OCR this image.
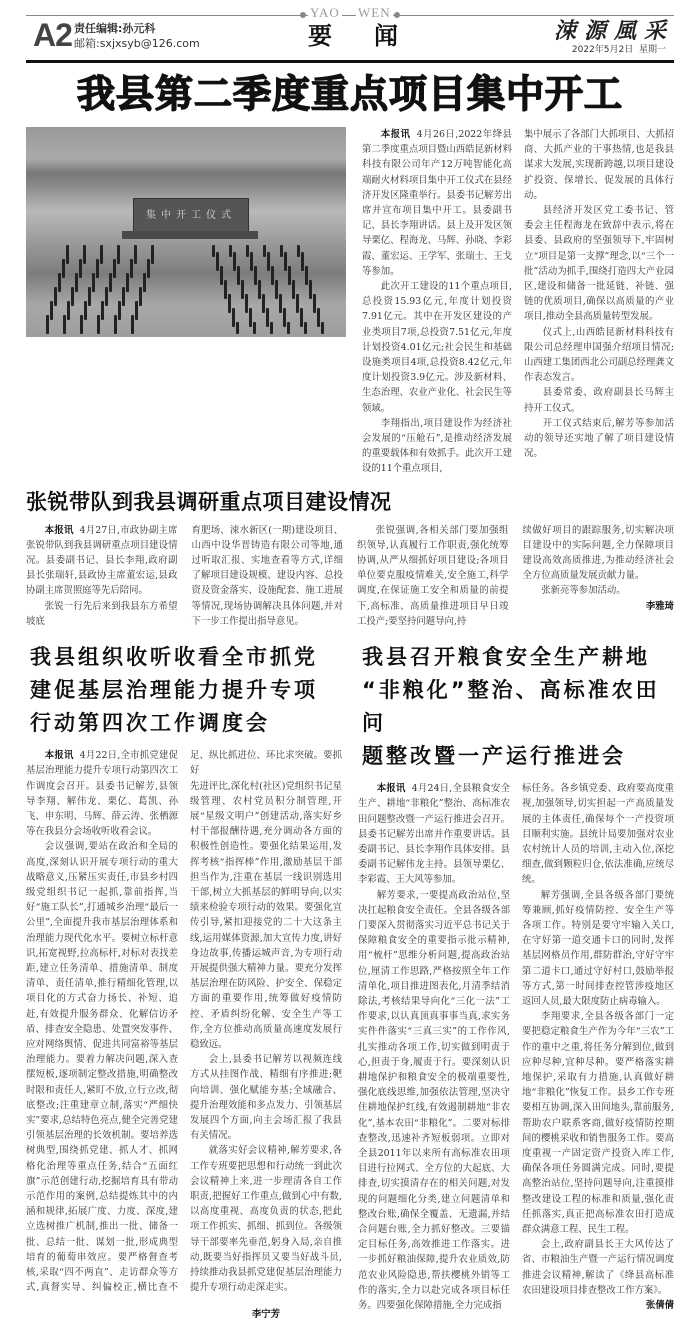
A2 责任编辑:孙元科
邮箱:sxjxsyb@126.com
YAO WEN
要 闻	涑源風采
2022年5月2日  星期一
我县第二季度重点项目集中开工
集中开工仪式

本报讯 4月26日,2022年绛县第二季度重点项目暨山西皓昆新材料科技有限公司年产12万吨智能化高端耐火材料项目集中开工仪式在县经济开发区隆重举行。县委书记解芳出席并宣布项目集中开工。县委副书记、县长李翔讲话。县上及开发区领导栗亿、程海龙、马辉、孙晓、李彩霞、董宏运、王学军、张瑞士、王戈等参加。

此次开工建设的11个重点项目,总投资15.93亿元,年度计划投资7.91亿元。其中在开发区建设的产业类项目7项,总投资7.51亿元,年度计划投资4.01亿元;社会民生和基础设施类项目4项,总投资8.42亿元,年度计划投资3.9亿元。涉及新材料、生态治理、农业产业化、社会民生等领域。

李翔指出,项目建设作为经济社会发展的“压舱石”,是推动经济发展的重要载体和有效抓手。此次开工建设的11个重点项目,

集中展示了各部门大抓项目、大抓招商、大抓产业的干事热情,也是我县谋求大发展,实现新跨越,以项目建设扩投资、保增长、促发展的具体行动。

县经济开发区党工委书记、管委会主任程海龙在致辞中表示,将在县委、县政府的坚强领导下,牢固树立“项目是第一支撑”理念,以“三个一批”活动为抓手,围绕打造四大产业园区,建设和储备一批延链、补链、强链的优质项目,确保以高质量的产业项目,推动全县高质量转型发展。

仪式上,山西皓昆新材料科技有限公司总经理申国强介绍项目情况;山西建工集团西北公司副总经理龚文作表态发言。

县委常委、政府副县长马辉主持开工仪式。

开工仪式结束后,解芳等参加活动的领导还实地了解了项目建设情况。

张锐带队到我县调研重点项目建设情况

本报讯 4月27日,市政协副主席张锐带队到我县调研重点项目建设情况。县委副书记、县长李翔,政府副县长张瑞轩,县政协主席董宏运,县政协副主席贺照庭等先后陪同。

张锐一行先后来到我县东方希望坡底

育肥场、涑水新区(一期)建设项目、山西中设华晋铸造有限公司等地,通过听取汇报、实地查看等方式,详细了解项目建设规模、建设内容、总投资及资金落实、设施配套、施工进展等情况,现场协调解决具体问题,并对下一步工作提出指导意见。

张锐强调,各相关部门要加强组织领导,认真履行工作职责,强化统筹协调,从严从细抓好项目建设;各项目单位要克服疫情难关,安全施工,科学调度,在保证施工安全和质量的前提下,高标准、高质量推进项目早日竣工投产;要坚持问题导向,持

续做好项目的跟踪服务,切实解决项目建设中的实际问题,全力保障项目建设高效高质推进,为推动经济社会全方位高质量发展贡献力量。

张新亮等参加活动。

李雅琦
我县组织收听收看全市抓党
建促基层治理能力提升专项
行动第四次工作调度会

本报讯 4月22日,全市抓党建促基层治理能力提升专项行动第四次工作调度会召开。县委书记解芳,县领导李翔、解伟龙、栗亿、葛凯、孙飞、申东明、马辉、薛云涛、张栖源等在我县分会场收听收看会议。

会议强调,要站在政治和全局的高度,深刻认识开展专项行动的重大战略意义,压紧压实责任,市县乡村四级党组织书记一起抓,靠前指挥,当好“施工队长”,打通城乡治理“最后一公里”,全面提升我市基层治理体系和治理能力现代化水平。要树立标杆意识,拓宽视野,拉高标杆,对标对表找差距,建立任务清单、措施清单、制度清单、责任清单,推行精细化管理,以项目化的方式奋力扬长、补短、追赶,有效提升服务群众、化解信访矛盾、排查安全隐患、处置突发事件、应对网络舆情、促进共同富裕等基层治理能力。要着力解决问题,深入查摆短板,逐项制定整改措施,明确整改时限和责任人,紧盯不放,立行立改,彻底整改;注重建章立制,落实“严细快实”要求,总结特色亮点,健全完善党建引领基层治理的长效机制。要培养选树典型,围绕抓党建、抓人才、抓网格化治理等重点任务,结合“五面红旗”示范创建行动,挖掘培育具有带动示范作用的案例,总结提炼其中的内涵和规律,拓展广度、力度、深度,建立选树推广机制,推出一批、储备一批、总结一批、谋划一批,形成典型培育的葡萄串效应。要严格督查考核,采取“四不两直”、走访群众等方式,真督实导、纠偏校正,横比查不足、纵比抓进位、环比求突破。要抓好

先进评比,深化村(社区)党组织书记星级管理、农村党员积分制管理,开展“星级文明户”创建活动,落实好乡村干部报酬待遇,充分调动各方面的积极性创造性。要强化结果运用,发挥考核“指挥棒”作用,激励基层干部担当作为,注重在基层一线识别选用干部,树立大抓基层的鲜明导向,以实绩来检验专项行动的效果。要强化宣传引导,紧扣迎接党的二十大这条主线,运用媒体资源,加大宣传力度,讲好身边故事,传播运城声音,为专项行动开展提供强大精神力量。要充分发挥基层治理在防风险、护安全、保稳定方面的重要作用,统筹做好疫情防控、矛盾纠纷化解、安全生产等工作,全方位推动高质量高速度发展行稳致远。

会上,县委书记解芳以视频连线方式从挂图作战、精细有序推进;靶向培训、强化赋能夯基;全域融合、提升治理效能和多点发力、引领基层发展四个方面,向主会场汇报了我县有关情况。

就落实好会议精神,解芳要求,各工作专班要把思想和行动统一到此次会议精神上来,进一步理清各自工作职责,把握好工作重点,做到心中有数,以高度重视、高度负责的状态,把此项工作抓实、抓细、抓到位。各级领导干部要率先垂范,躬身入局,亲自推动,既要当好指挥员又要当好战斗员,持续推动我县抓党建促基层治理能力提升专项行动走深走实。

李宁芳
我县召开粮食安全生产耕地
“非粮化”整治、高标准农田问
题整改暨一产运行推进会

本报讯 4月24日,全县粮食安全生产、耕地“非粮化”整治、高标准农田问题整改暨一产运行推进会召开。县委书记解芳出席并作重要讲话。县委副书记、县长李翔作具体安排。县委副书记解伟龙主持。县领导栗亿、李彩霞、王大风等参加。

解芳要求,一要提高政治站位,坚决扛起粮食安全责任。全县各级各部门要深入贯彻落实习近平总书记关于保障粮食安全的重要指示批示精神,用“梳杆”思维分析问题,提高政治站位,厘清工作思路,严格按照全年工作清单化,项目推进图表化,月清季结消除法,考核结果导向化“三化一法”工作要求,以认真顶真事事当真,求实务实件件落实“三真三实”的工作作风,扎实推动各项工作,切实做到明责于心,担责于身,履责于行。要深刻认识耕地保护和粮食安全的极端重要性,强化底线思维,加强依法管理,坚决守住耕地保护红线,有效遏制耕地“非农化”,基本农田“非粮化”。二要对标排查整改,迅速补齐短板弱项。立即对全县2011年以来所有高标准农田项目进行拉网式、全方位的大起底、大排查,切实摸清存在的相关问题,对发现的问题细化分类,建立问题清单和整改台账,确保全覆盖、无遗漏,并结合问题台账,全力抓好整改。三要锚定目标任务,高效推进工作落实。进一步抓好粮油保障,提升农业质效,防范农业风险隐患,帮扶樱桃外销等工作的落实,全力以赴完成各项目标任务。四要强化保障措施,全力完成指

标任务。各乡镇党委、政府要高度重视,加强领导,切实担起一产高质量发展的主体责任,确保每个一产投资项目顺利实施。县统计局要加强对农业农村统计人员的培训,主动入位,深挖细查,做到颗粒归仓,依法准确,应统尽统。

解芳强调,全县各级各部门要统筹兼顾,抓好疫情防控、安全生产等各项工作。特别是要守牢输入关口,在守好第一道交通卡口的同时,发挥基层网格员作用,群防群治,守好守牢第二道卡口,通过守好村口,鼓励举报等方式,第一时间排查控管涉疫地区返回人员,最大限度防止病毒输入。

李翔要求,全县各级各部门一定要把稳定粮食生产作为今年“三农”工作的重中之重,将任务分解到位,做到应种尽种,宜种尽种。要严格落实耕地保护,采取有力措施,认真做好耕地“非粮化”恢复工作。县乡工作专班要相互协调,深入田间地头,靠前服务,帮助农户联系客商,做好疫情防控期间的樱桃采收和销售服务工作。要高度重视一产固定资产投资入库工作,确保各项任务圆满完成。同时,要提高整治站位,坚持问题导向,注重摸排整改建设工程的标准和质量,强化责任抓落实,真正把高标准农田打造成群众满意工程、民生工程。

会上,政府副县长王大风传达了省、市粮油生产暨一产运行情况调度推进会议精神,解读了《绛县高标准农田建设项目排查整改工作方案》。

张倩倩
